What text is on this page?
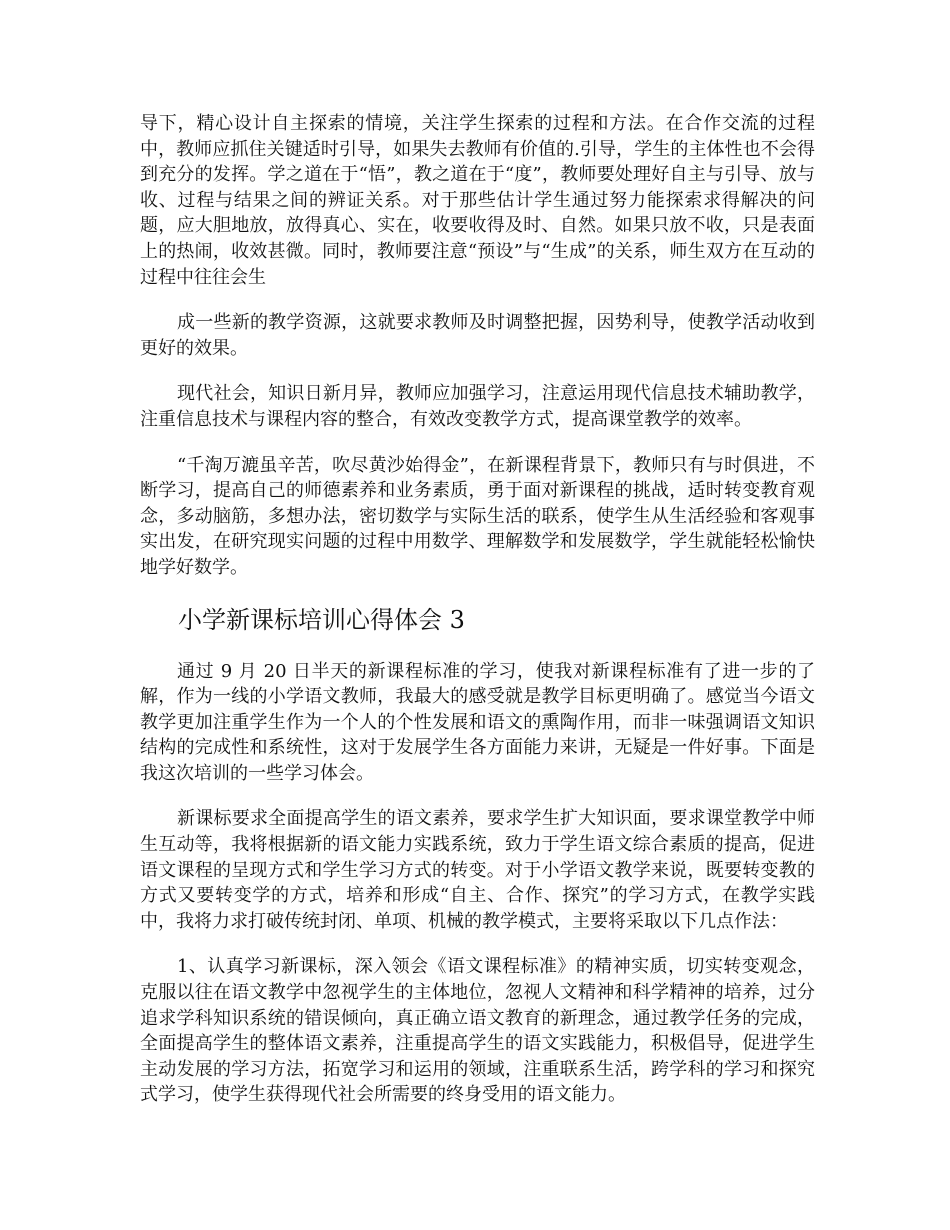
导下，精心设计自主探索的情境，关注学生探索的过程和方法。在合作交流的过程中，教师应抓住关键适时引导，如果失去教师有价值的.引导，学生的主体性也不会得到充分的发挥。学之道在于“悟”，教之道在于“度”，教师要处理好自主与引导、放与收、过程与结果之间的辨证关系。对于那些估计学生通过努力能探索求得解决的问题，应大胆地放，放得真心、实在，收要收得及时、自然。如果只放不收，只是表面上的热闹，收效甚微。同时，教师要注意“预设”与“生成”的关系，师生双方在互动的过程中往往会生

成一些新的教学资源，这就要求教师及时调整把握，因势利导，使教学活动收到更好的效果。

现代社会，知识日新月异，教师应加强学习，注意运用现代信息技术辅助教学，注重信息技术与课程内容的整合，有效改变教学方式，提高课堂教学的效率。

“千淘万漉虽辛苦，吹尽黄沙始得金”，在新课程背景下，教师只有与时俱进，不断学习，提高自己的师德素养和业务素质，勇于面对新课程的挑战，适时转变教育观念，多动脑筋，多想办法，密切数学与实际生活的联系，使学生从生活经验和客观事实出发，在研究现实问题的过程中用数学、理解数学和发展数学，学生就能轻松愉快地学好数学。

小学新课标培训心得体会 3

通过 9 月 20 日半天的新课程标准的学习，使我对新课程标准有了进一步的了解，作为一线的小学语文教师，我最大的感受就是教学目标更明确了。感觉当今语文教学更加注重学生作为一个人的个性发展和语文的熏陶作用，而非一味强调语文知识结构的完成性和系统性，这对于发展学生各方面能力来讲，无疑是一件好事。下面是我这次培训的一些学习体会。

新课标要求全面提高学生的语文素养，要求学生扩大知识面，要求课堂教学中师生互动等，我将根据新的语文能力实践系统，致力于学生语文综合素质的提高，促进语文课程的呈现方式和学生学习方式的转变。对于小学语文教学来说，既要转变教的方式又要转变学的方式，培养和形成“自主、合作、探究”的学习方式，在教学实践中，我将力求打破传统封闭、单项、机械的教学模式，主要将采取以下几点作法：

1、认真学习新课标，深入领会《语文课程标准》的精神实质，切实转变观念，克服以往在语文教学中忽视学生的主体地位，忽视人文精神和科学精神的培养，过分追求学科知识系统的错误倾向，真正确立语文教育的新理念，通过教学任务的完成，全面提高学生的整体语文素养，注重提高学生的语文实践能力，积极倡导，促进学生主动发展的学习方法，拓宽学习和运用的领域，注重联系生活，跨学科的学习和探究式学习，使学生获得现代社会所需要的终身受用的语文能力。
